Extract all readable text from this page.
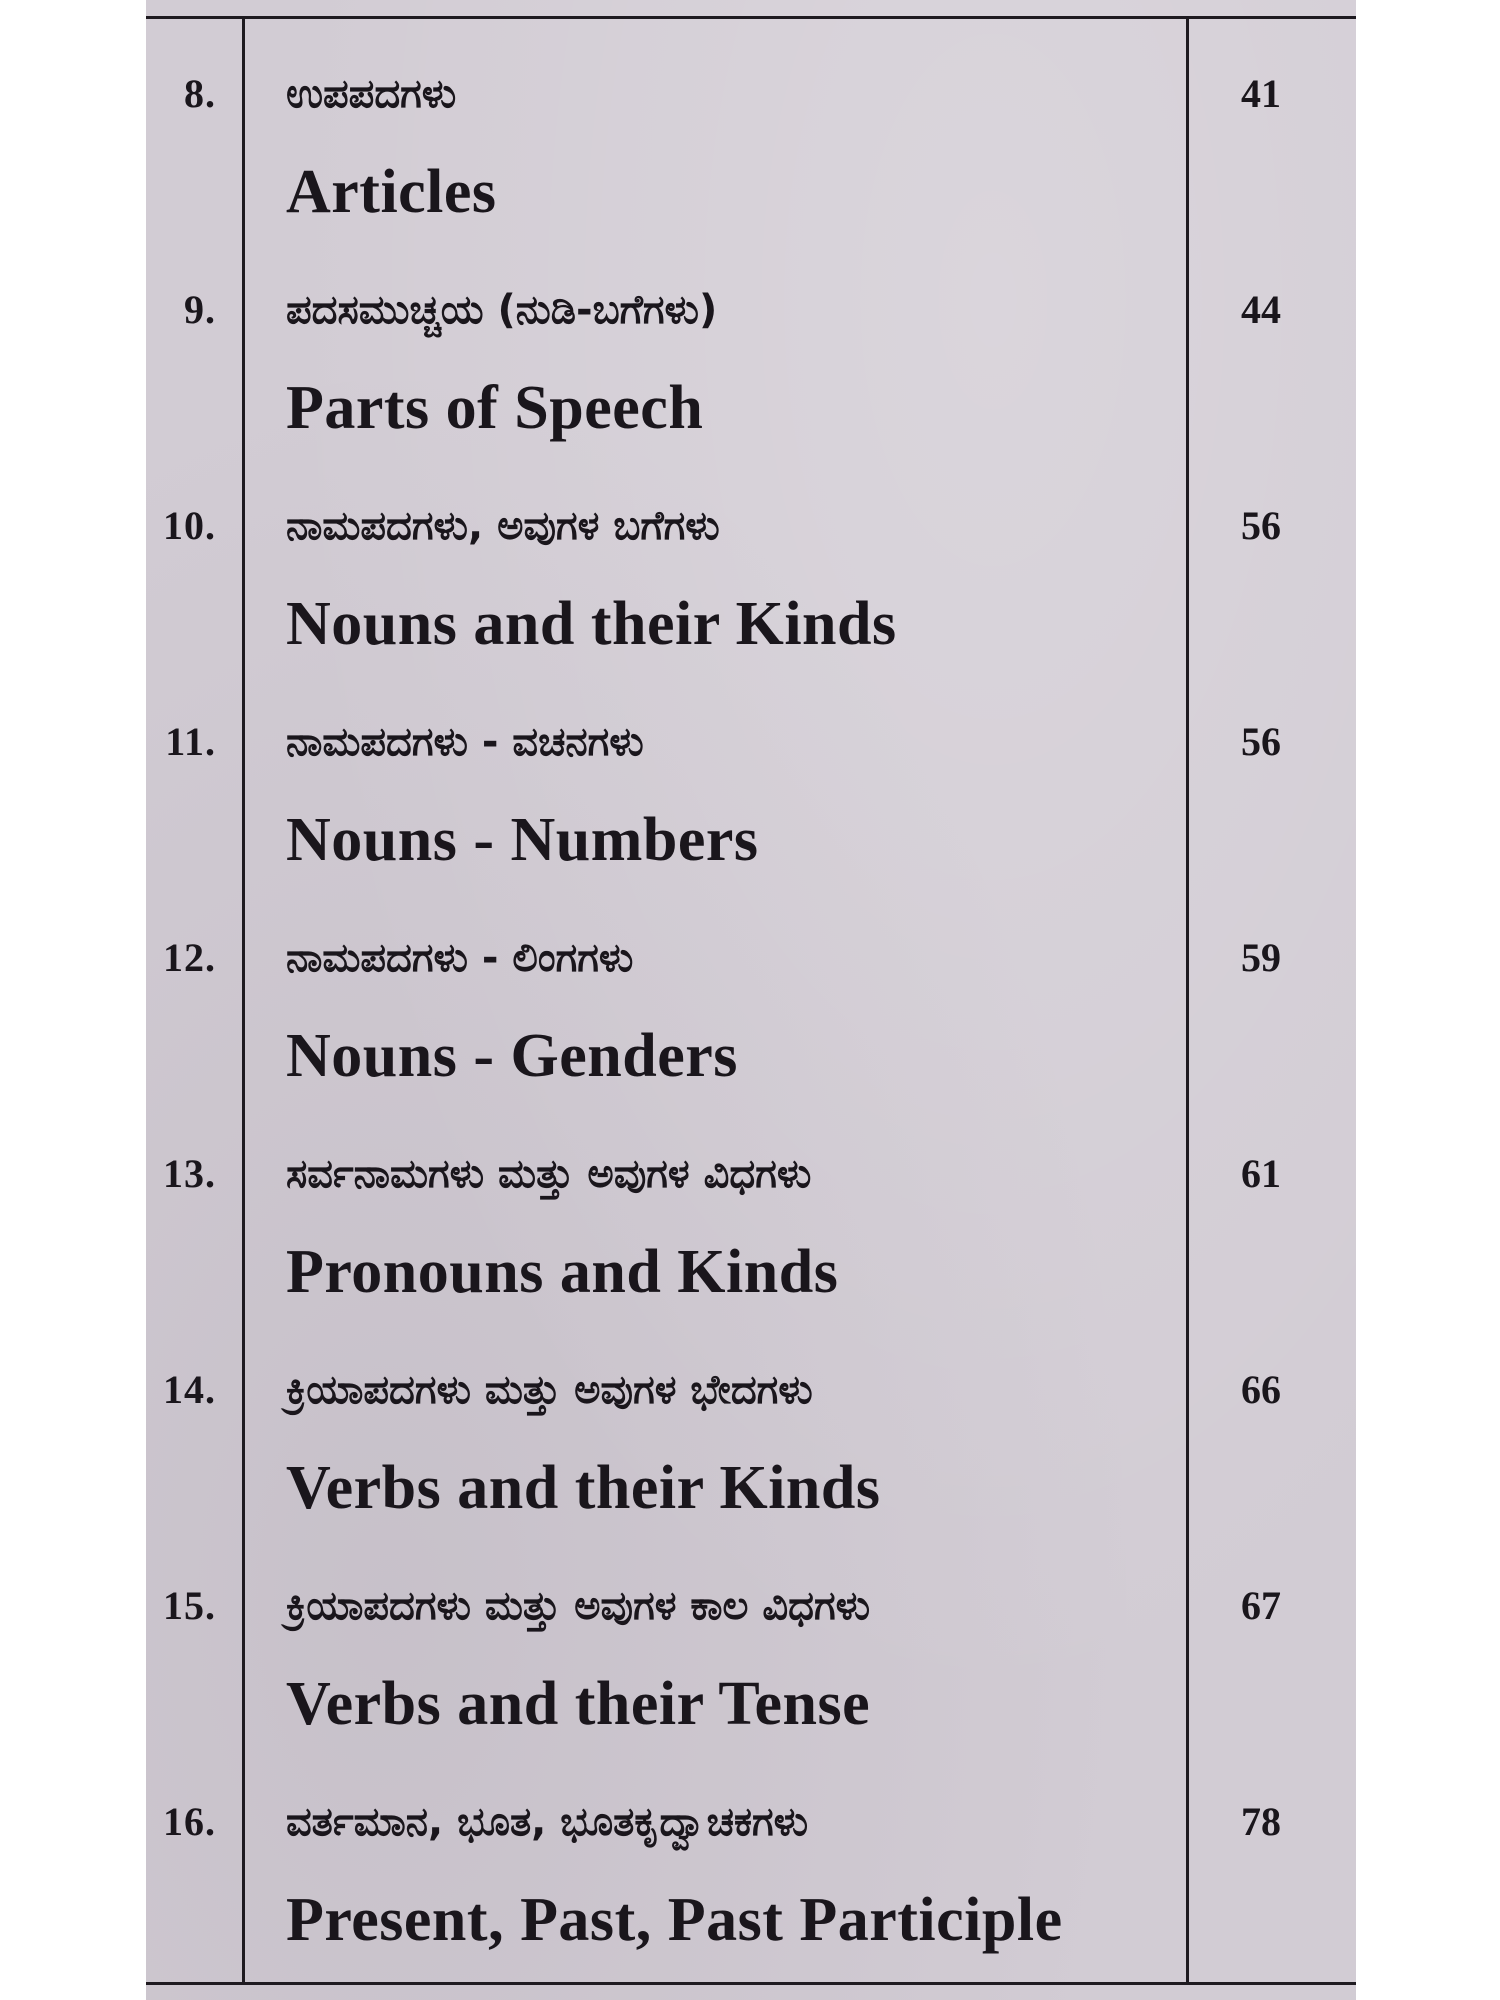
8. ಉಪಪದಗಳು
Articles
41
9. ಪದಸಮುಚ್ಚಯ (ನುಡಿ-ಬಗೆಗಳು)
Parts of Speech
44
10. ನಾಮಪದಗಳು, ಅವುಗಳ ಬಗೆಗಳು
Nouns and their Kinds
56
11. ನಾಮಪದಗಳು - ವಚನಗಳು
Nouns - Numbers
56
12. ನಾಮಪದಗಳು - ಲಿಂಗಗಳು
Nouns - Genders
59
13. ಸರ್ವನಾಮಗಳು ಮತ್ತು ಅವುಗಳ ವಿಧಗಳು
Pronouns and Kinds
61
14. ಕ್ರಿಯಾಪದಗಳು ಮತ್ತು ಅವುಗಳ ಭೇದಗಳು
Verbs and their Kinds
66
15. ಕ್ರಿಯಾಪದಗಳು ಮತ್ತು ಅವುಗಳ ಕಾಲ ವಿಧಗಳು
Verbs and their Tense
67
16. ವರ್ತಮಾನ, ಭೂತ, ಭೂತಕೃದ್ವಾಚಕಗಳು
Present, Past, Past Participle
78
